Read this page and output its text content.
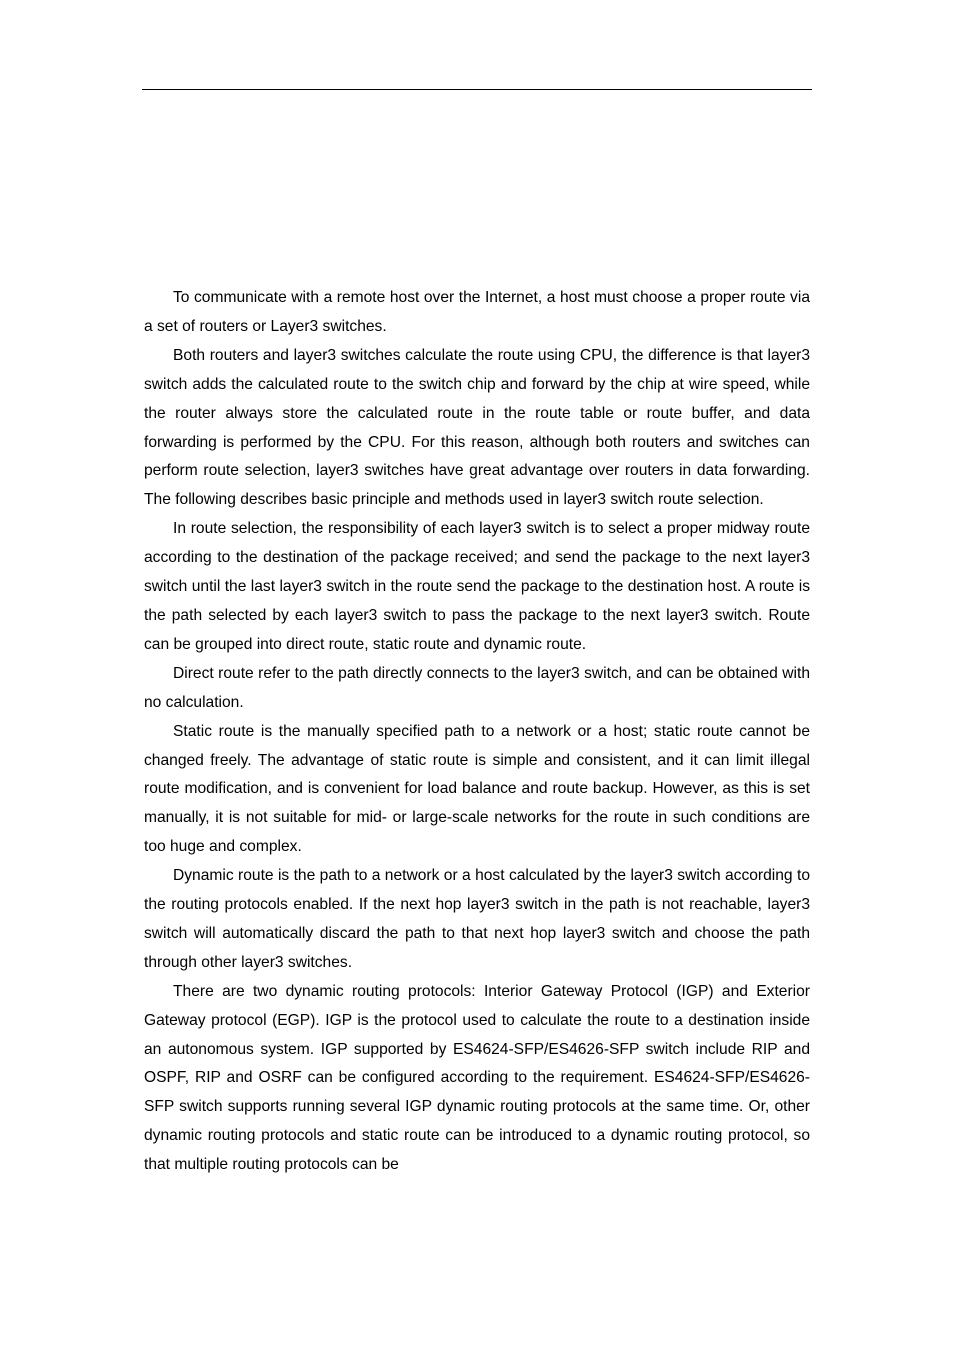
To communicate with a remote host over the Internet, a host must choose a proper route via a set of routers or Layer3 switches.

Both routers and layer3 switches calculate the route using CPU, the difference is that layer3 switch adds the calculated route to the switch chip and forward by the chip at wire speed, while the router always store the calculated route in the route table or route buffer, and data forwarding is performed by the CPU. For this reason, although both routers and switches can perform route selection, layer3 switches have great advantage over routers in data forwarding. The following describes basic principle and methods used in layer3 switch route selection.

In route selection, the responsibility of each layer3 switch is to select a proper midway route according to the destination of the package received; and send the package to the next layer3 switch until the last layer3 switch in the route send the package to the destination host. A route is the path selected by each layer3 switch to pass the package to the next layer3 switch. Route can be grouped into direct route, static route and dynamic route.

Direct route refer to the path directly connects to the layer3 switch, and can be obtained with no calculation.

Static route is the manually specified path to a network or a host; static route cannot be changed freely. The advantage of static route is simple and consistent, and it can limit illegal route modification, and is convenient for load balance and route backup. However, as this is set manually, it is not suitable for mid- or large-scale networks for the route in such conditions are too huge and complex.

Dynamic route is the path to a network or a host calculated by the layer3 switch according to the routing protocols enabled. If the next hop layer3 switch in the path is not reachable, layer3 switch will automatically discard the path to that next hop layer3 switch and choose the path through other layer3 switches.

There are two dynamic routing protocols: Interior Gateway Protocol (IGP) and Exterior Gateway protocol (EGP). IGP is the protocol used to calculate the route to a destination inside an autonomous system. IGP supported by ES4624-SFP/ES4626-SFP switch include RIP and OSPF, RIP and OSRF can be configured according to the requirement. ES4624-SFP/ES4626-SFP switch supports running several IGP dynamic routing protocols at the same time. Or, other dynamic routing protocols and static route can be introduced to a dynamic routing protocol, so that multiple routing protocols can be
